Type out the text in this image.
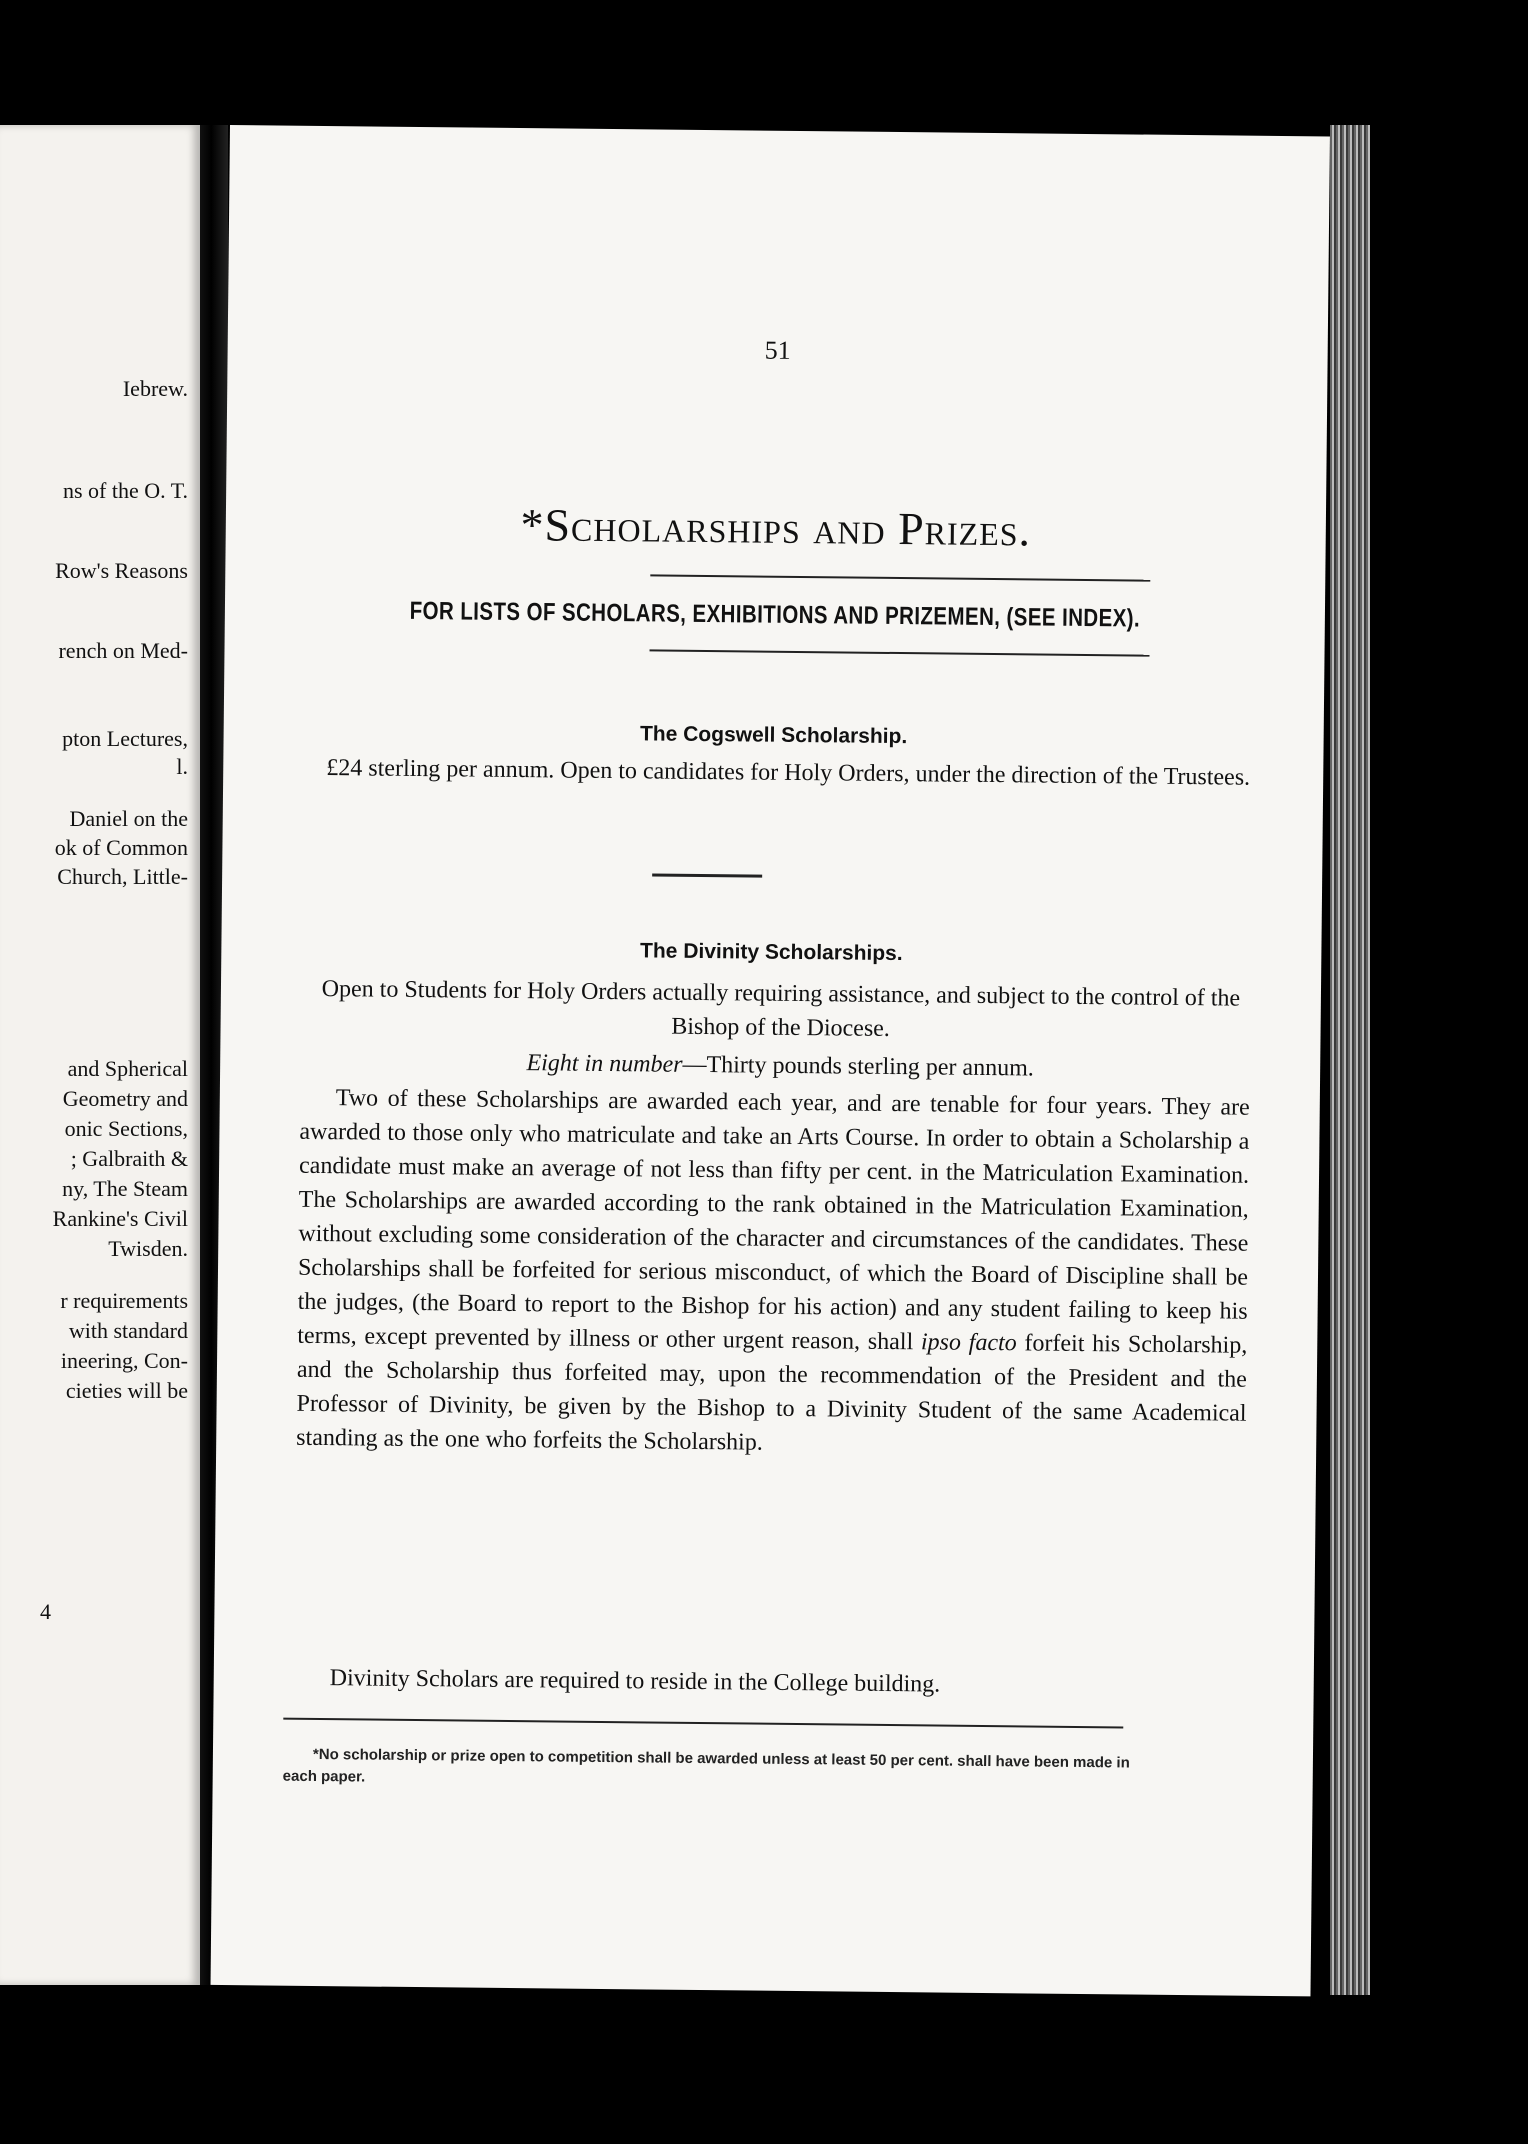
Iebrew.
ns of the O. T.
Row's Reasons
rench on Med-
pton Lectures,
l.
Daniel on the
ok of Common
Church, Little-
and Spherical
Geometry and
onic Sections,
; Galbraith &
ny, The Steam
Rankine's Civil
Twisden.
r requirements
with standard
ineering, Con-
cieties will be
4
51
*Scholarships and Prizes.
FOR LISTS OF SCHOLARS, EXHIBITIONS AND PRIZEMEN, (SEE INDEX).
The Cogswell Scholarship.

£24 sterling per annum. Open to candidates for Holy Orders, under the direction of the Trustees.

The Divinity Scholarships.

Open to Students for Holy Orders actually requiring assistance, and subject to the control of the Bishop of the Diocese.

Eight in number—Thirty pounds sterling per annum.

Two of these Scholarships are awarded each year, and are tenable for four years. They are awarded to those only who matriculate and take an Arts Course. In order to obtain a Scholarship a candidate must make an average of not less than fifty per cent. in the Matriculation Examination. The Scholarships are awarded according to the rank obtained in the Matriculation Examination, without excluding some consideration of the character and circumstances of the candidates. These Scholarships shall be forfeited for serious misconduct, of which the Board of Discipline shall be the judges, (the Board to report to the Bishop for his action) and any student failing to keep his terms, except prevented by illness or other urgent reason, shall ipso facto forfeit his Scholarship, and the Scholarship thus forfeited may, upon the recommendation of the President and the Professor of Divinity, be given by the Bishop to a Divinity Student of the same Academical standing as the one who forfeits the Scholarship.

Divinity Scholars are required to reside in the College building.

*No scholarship or prize open to competition shall be awarded unless at least 50 per cent. shall have been made in each paper.
